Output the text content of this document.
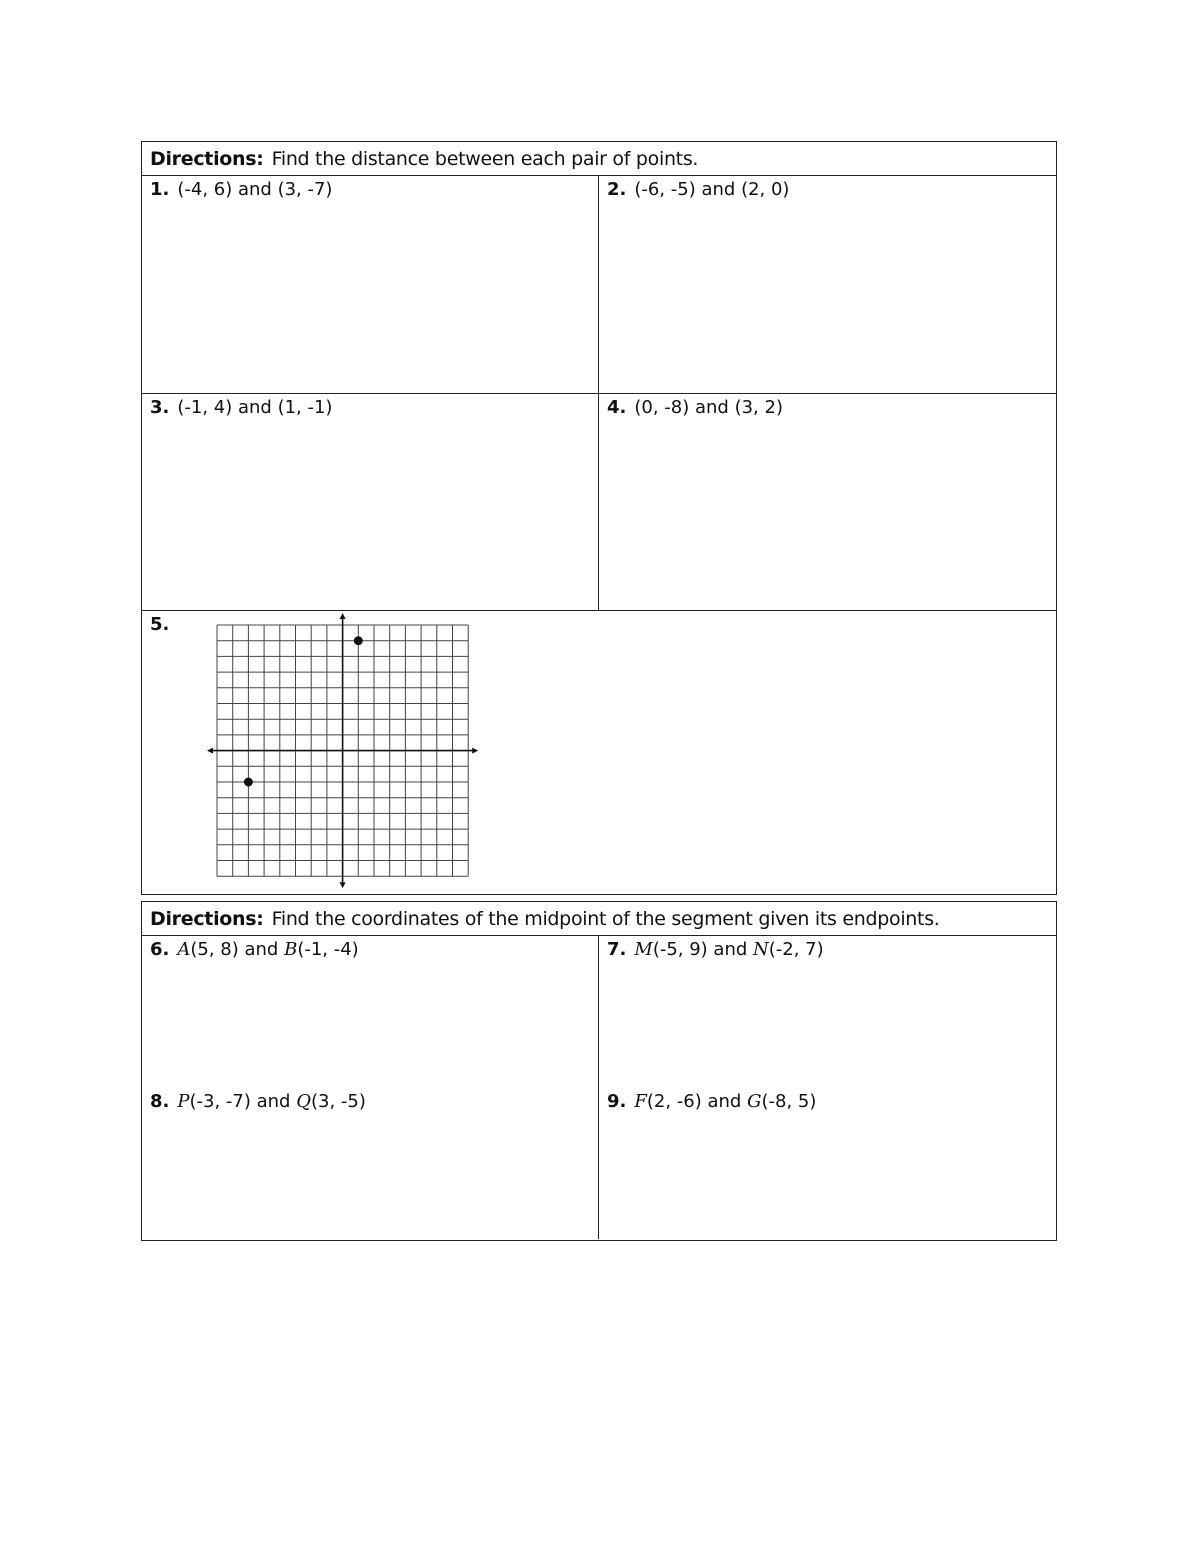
Directions: Find the distance between each pair of points.
1. (-4, 6) and (3, -7)	2. (-6, -5) and (2, 0)
3. (-1, 4) and (1, -1)	4. (0, -8) and (3, 2)
5.
Directions: Find the coordinates of the midpoint of the segment given its endpoints.
6. A(5, 8) and B(-1, -4)	7. M(-5, 9) and N(-2, 7)
8. P(-3, -7) and Q(3, -5)	9. F(2, -6) and G(-8, 5)
